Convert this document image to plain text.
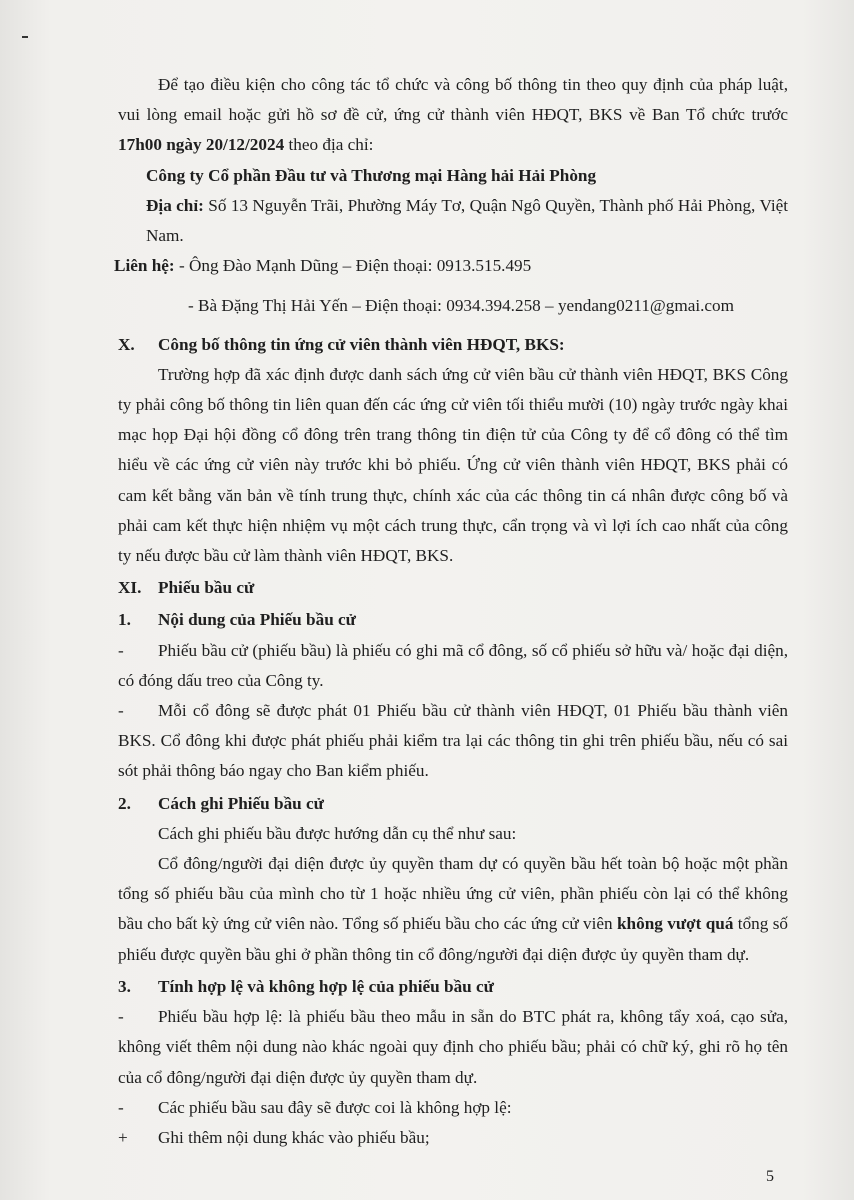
Để tạo điều kiện cho công tác tổ chức và công bố thông tin theo quy định của pháp luật, vui lòng email hoặc gửi hồ sơ đề cử, ứng cử thành viên HĐQT, BKS về Ban Tổ chức trước 17h00 ngày 20/12/2024 theo địa chỉ:

Công ty Cổ phần Đầu tư và Thương mại Hàng hải Hải Phòng

Địa chỉ: Số 13 Nguyễn Trãi, Phường Máy Tơ, Quận Ngô Quyền, Thành phố Hải Phòng, Việt Nam.

Liên hệ: - Ông Đào Mạnh Dũng – Điện thoại: 0913.515.495

- Bà Đặng Thị Hải Yến – Điện thoại: 0934.394.258 – yendang0211@gmai.com

X.	Công bố thông tin ứng cử viên thành viên HĐQT, BKS:

Trường hợp đã xác định được danh sách ứng cử viên bầu cử thành viên HĐQT, BKS Công ty phải công bố thông tin liên quan đến các ứng cử viên tối thiểu mười (10) ngày trước ngày khai mạc họp Đại hội đồng cổ đông trên trang thông tin điện tử của Công ty để cổ đông có thể tìm hiểu về các ứng cử viên này trước khi bỏ phiếu. Ứng cử viên thành viên HĐQT, BKS phải có cam kết bằng văn bản về tính trung thực, chính xác của các thông tin cá nhân được công bố và phải cam kết thực hiện nhiệm vụ một cách trung thực, cẩn trọng và vì lợi ích cao nhất của công ty nếu được bầu cử làm thành viên HĐQT, BKS.

XI. Phiếu bầu cử
1.	Nội dung của Phiếu bầu cử

- Phiếu bầu cử (phiếu bầu) là phiếu có ghi mã cổ đông, số cổ phiếu sở hữu và/ hoặc đại diện, có đóng dấu treo của Công ty.

- Mỗi cổ đông sẽ được phát 01 Phiếu bầu cử thành viên HĐQT, 01 Phiếu bầu thành viên BKS. Cổ đông khi được phát phiếu phải kiểm tra lại các thông tin ghi trên phiếu bầu, nếu có sai sót phải thông báo ngay cho Ban kiểm phiếu.

2.	Cách ghi Phiếu bầu cử

Cách ghi phiếu bầu được hướng dẫn cụ thể như sau:

Cổ đông/người đại diện được ủy quyền tham dự có quyền bầu hết toàn bộ hoặc một phần tổng số phiếu bầu của mình cho từ 1 hoặc nhiều ứng cử viên, phần phiếu còn lại có thể không bầu cho bất kỳ ứng cử viên nào. Tổng số phiếu bầu cho các ứng cử viên không vượt quá tổng số phiếu được quyền bầu ghi ở phần thông tin cổ đông/người đại diện được ủy quyền tham dự.

3.	Tính hợp lệ và không hợp lệ của phiếu bầu cử

- Phiếu bầu hợp lệ: là phiếu bầu theo mẫu in sẵn do BTC phát ra, không tẩy xoá, cạo sửa, không viết thêm nội dung nào khác ngoài quy định cho phiếu bầu; phải có chữ ký, ghi rõ họ tên của cổ đông/người đại diện được ủy quyền tham dự.

- Các phiếu bầu sau đây sẽ được coi là không hợp lệ:

+ Ghi thêm nội dung khác vào phiếu bầu;

5
